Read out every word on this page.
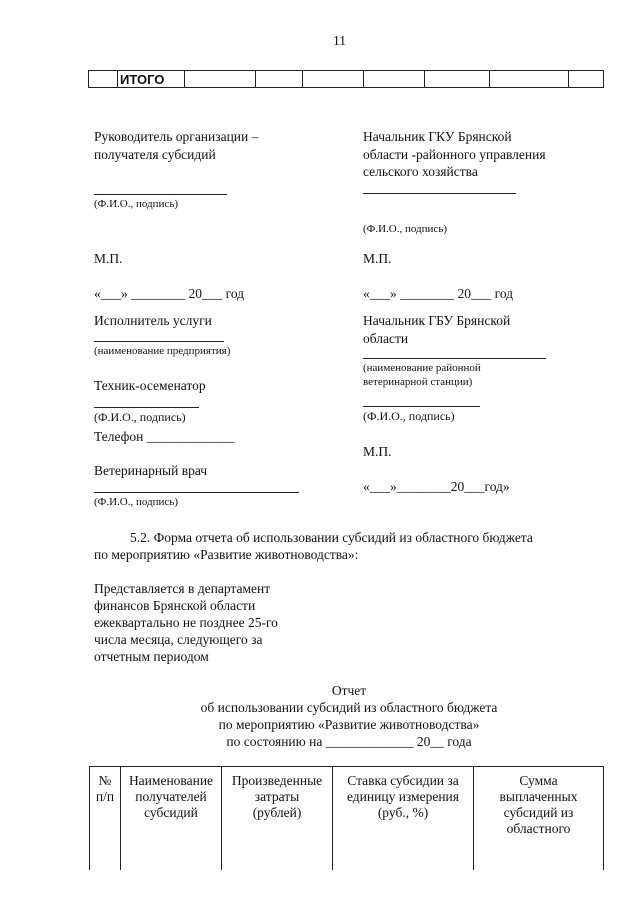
11
	ИТОГО							
Руководитель организации –
получателя субсидий
(Ф.И.О., подпись)
М.П.
«___» ________ 20___ год
Исполнитель услуги
(наименование предприятия)
Техник-осеменатор
(Ф.И.О., подпись)
Телефон _____________
Ветеринарный врач
(Ф.И.О., подпись)
Начальник ГКУ Брянской
области -районного управления
сельского хозяйства
(Ф.И.О., подпись)
М.П.
«___» ________ 20___ год
Начальник ГБУ Брянской
области
(наименование районной
ветеринарной станции)
(Ф.И.О., подпись)
М.П.
«___»________20___год»
5.2. Форма отчета об использовании субсидий из областного бюджета
по мероприятию «Развитие животноводства»:
Представляется в департамент
финансов Брянской области
ежеквартально не позднее 25-го
числа месяца, следующего за
отчетным периодом
Отчет
об использовании субсидий из областного бюджета
по мероприятию «Развитие животноводства»
по состоянию на _____________ 20__ года
№
п/п	Наименование
получателей
субсидий	Произведенные
затраты
(рублей)	Ставка субсидии за
единицу измерения
(руб., %)	Сумма
выплаченных
субсидий из
областного
